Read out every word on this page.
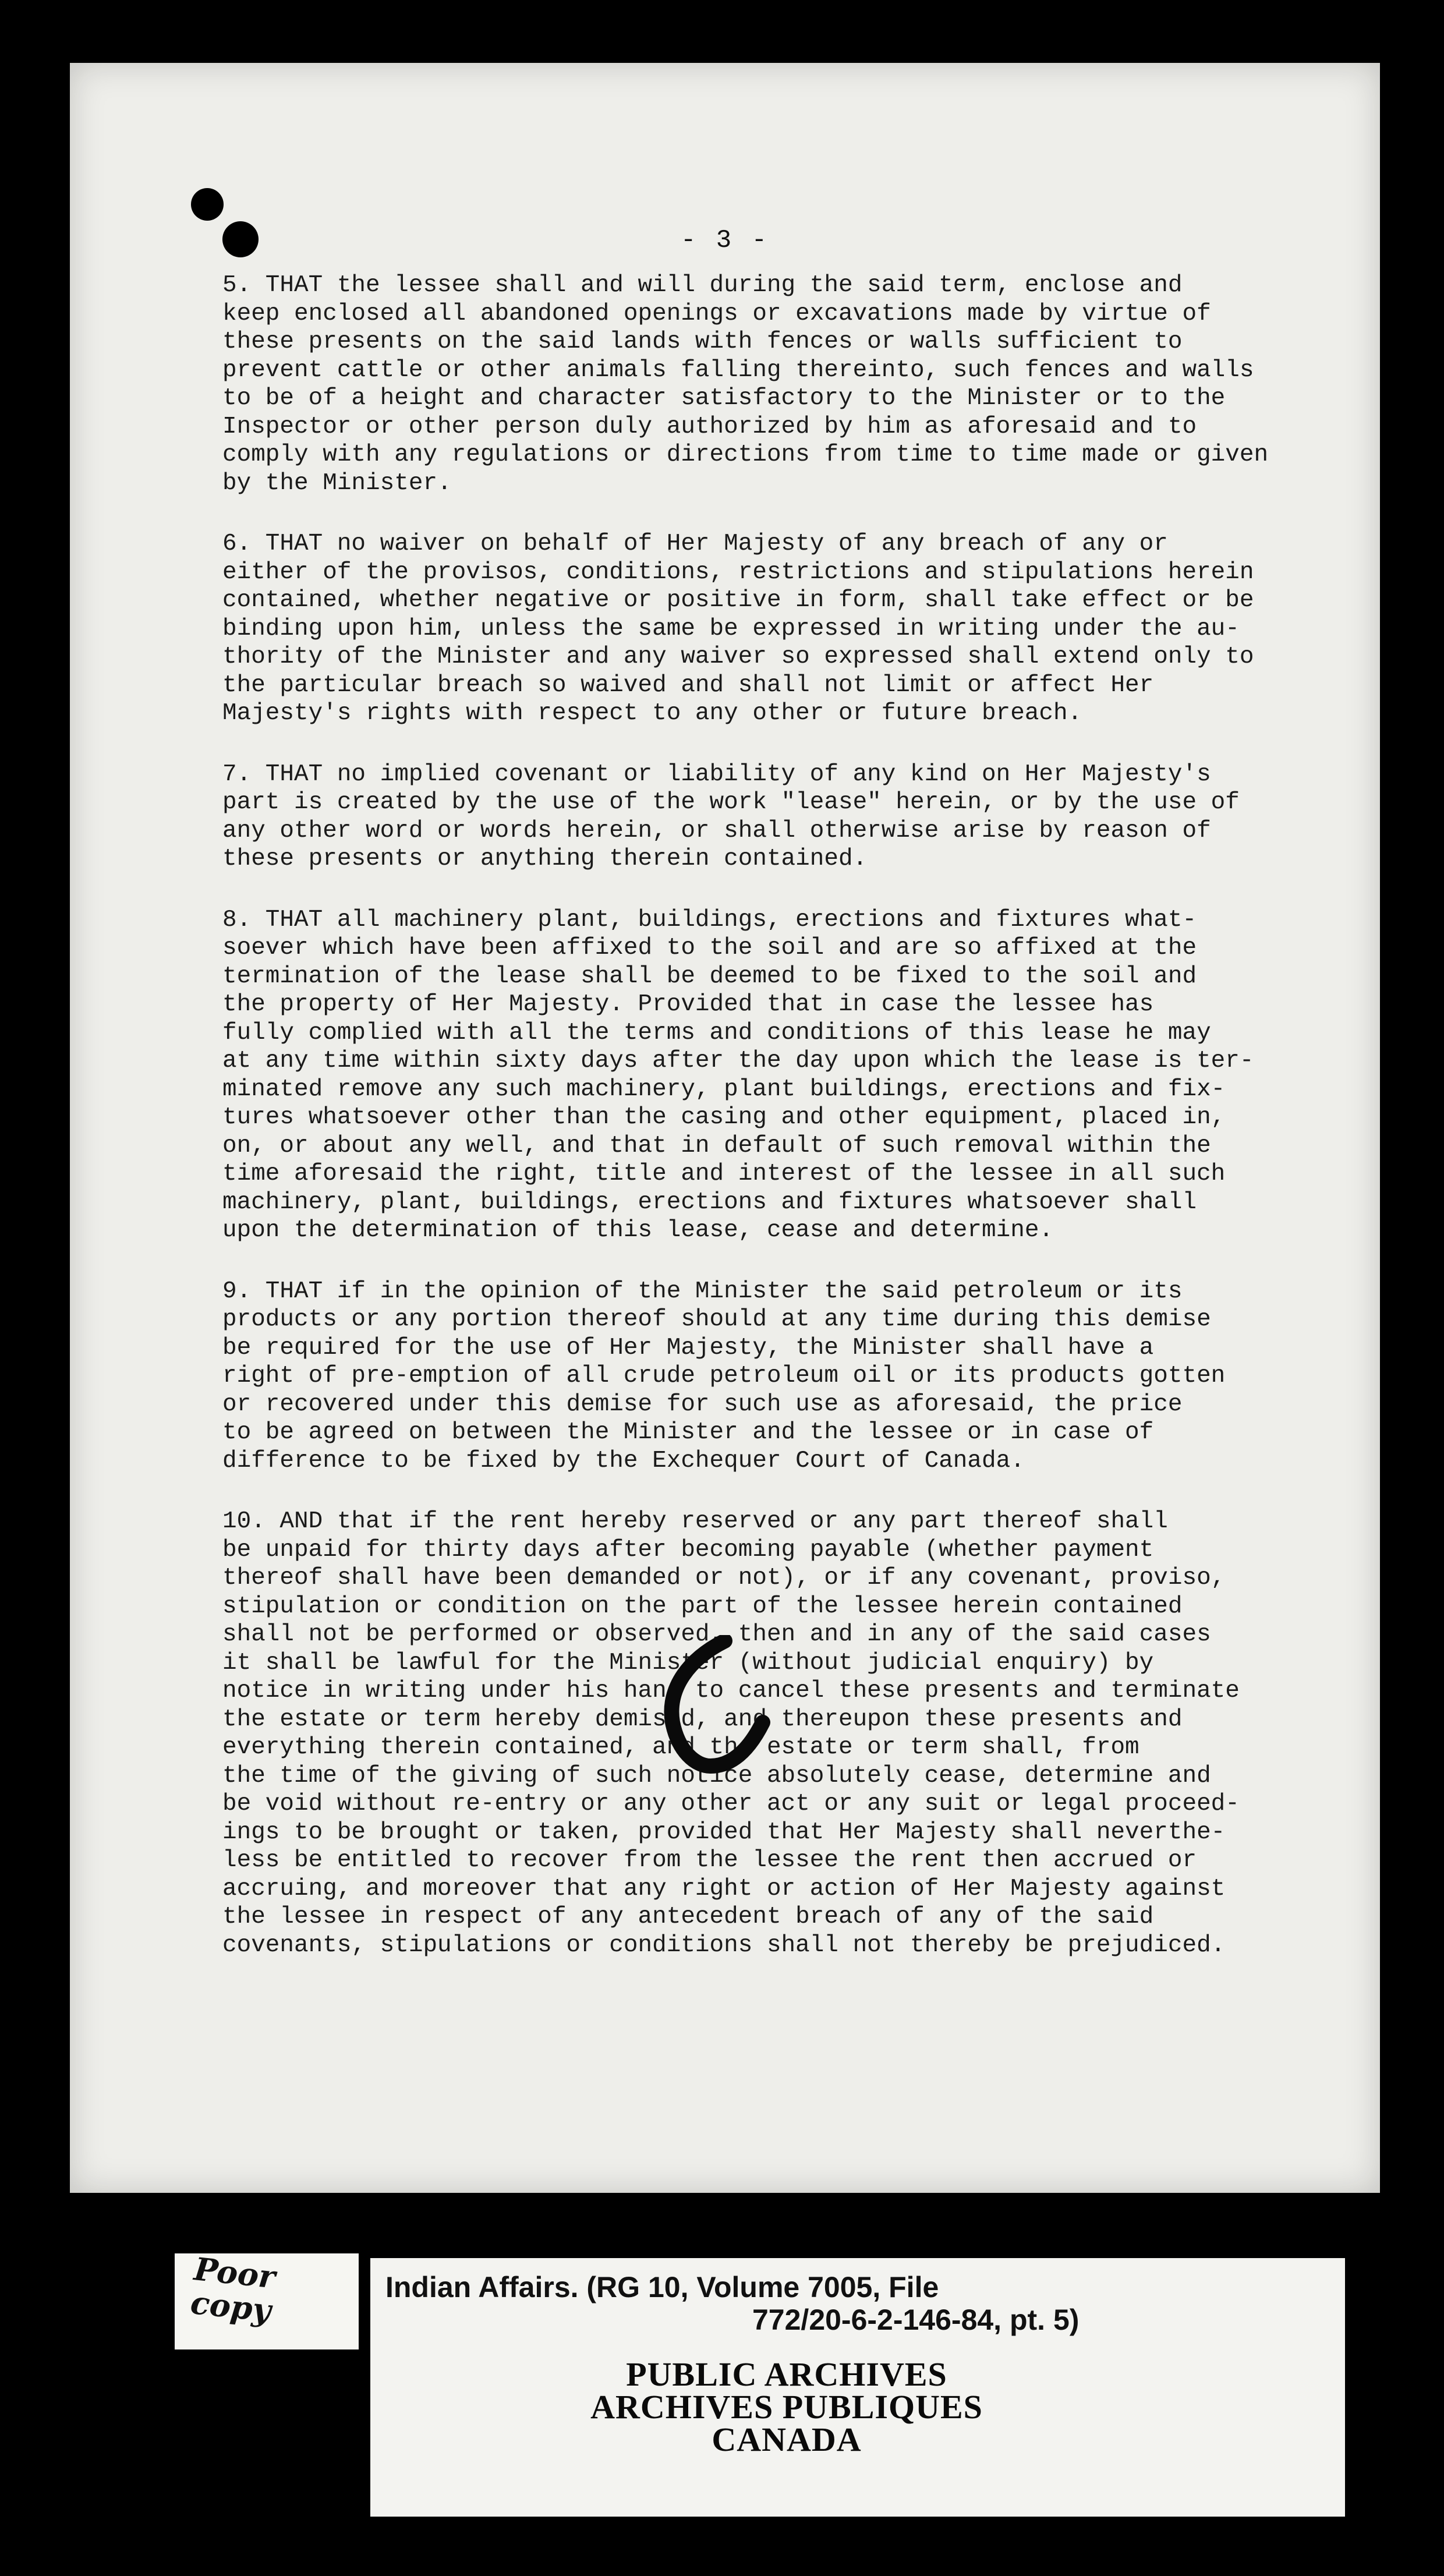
- 3 -

5. THAT the lessee shall and will during the said term, enclose and
keep enclosed all abandoned openings or excavations made by virtue of
these presents on the said lands with fences or walls sufficient to
prevent cattle or other animals falling thereinto, such fences and walls
to be of a height and character satisfactory to the Minister or to the
Inspector or other person duly authorized by him as aforesaid and to
comply with any regulations or directions from time to time made or given
by the Minister.

6. THAT no waiver on behalf of Her Majesty of any breach of any or
either of the provisos, conditions, restrictions and stipulations herein
contained, whether negative or positive in form, shall take effect or be
binding upon him, unless the same be expressed in writing under the au-
thority of the Minister and any waiver so expressed shall extend only to
the particular breach so waived and shall not limit or affect Her
Majesty's rights with respect to any other or future breach.

7. THAT no implied covenant or liability of any kind on Her Majesty's
part is created by the use of the work "lease" herein, or by the use of
any other word or words herein, or shall otherwise arise by reason of
these presents or anything therein contained.

8. THAT all machinery plant, buildings, erections and fixtures what-
soever which have been affixed to the soil and are so affixed at the
termination of the lease shall be deemed to be fixed to the soil and
the property of Her Majesty. Provided that in case the lessee has
fully complied with all the terms and conditions of this lease he may
at any time within sixty days after the day upon which the lease is ter-
minated remove any such machinery, plant buildings, erections and fix-
tures whatsoever other than the casing and other equipment, placed in,
on, or about any well, and that in default of such removal within the
time aforesaid the right, title and interest of the lessee in all such
machinery, plant, buildings, erections and fixtures whatsoever shall
upon the determination of this lease, cease and determine.

9. THAT if in the opinion of the Minister the said petroleum or its
products or any portion thereof should at any time during this demise
be required for the use of Her Majesty, the Minister shall have a
right of pre-emption of all crude petroleum oil or its products gotten
or recovered under this demise for such use as aforesaid, the price
to be agreed on between the Minister and the lessee or in case of
difference to be fixed by the Exchequer Court of Canada.

10. AND that if the rent hereby reserved or any part thereof shall
be unpaid for thirty days after becoming payable (whether payment
thereof shall have been demanded or not), or if any covenant, proviso,
stipulation or condition on the part of the lessee herein contained
shall not be performed or observed, then and in any of the said cases
it shall be lawful for the Minister (without judicial enquiry) by
notice in writing under his hand to cancel these presents and terminate
the estate or term hereby demised, and thereupon these presents and
everything therein contained, and the estate or term shall, from
the time of the giving of such notice absolutely cease, determine and
be void without re-entry or any other act or any suit or legal proceed-
ings to be brought or taken, provided that Her Majesty shall neverthe-
less be entitled to recover from the lessee the rent then accrued or
accruing, and moreover that any right or action of Her Majesty against
the lessee in respect of any antecedent breach of any of the said
covenants, stipulations or conditions shall not thereby be prejudiced.

Poor copy	Indian Affairs. (RG 10, Volume 7005, File
772/20-6-2-146-84, pt. 5)
PUBLIC ARCHIVES
ARCHIVES PUBLIQUES
CANADA
